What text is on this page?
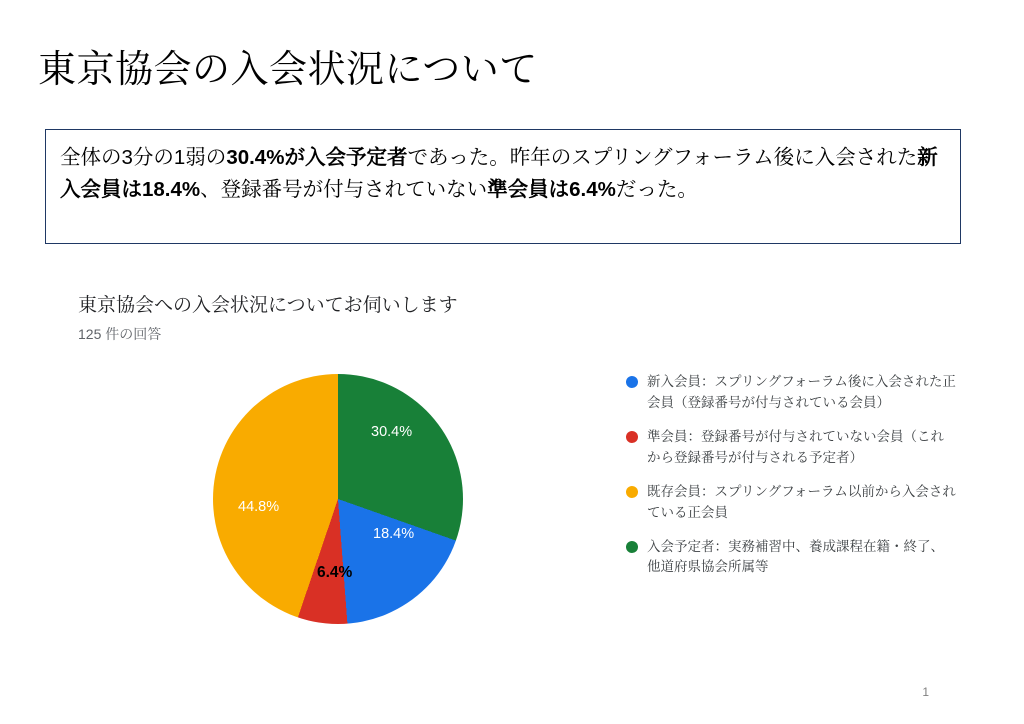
東京協会の入会状況について
全体の3分の1弱の30.4%が入会予定者であった。昨年のスプリングフォーラム後に入会された新入会員は18.4%、登録番号が付与されていない準会員は6.4%だった。
東京協会への入会状況についてお伺いします
125 件の回答
30.4%
18.4%
6.4%
44.8%
新入会員：スプリングフォーラム後に入会された正会員（登録番号が付与されている会員）
準会員：登録番号が付与されていない会員（これから登録番号が付与される予定者）
既存会員：スプリングフォーラム以前から入会されている正会員
入会予定者：実務補習中、養成課程在籍・終了、他道府県協会所属等
1
